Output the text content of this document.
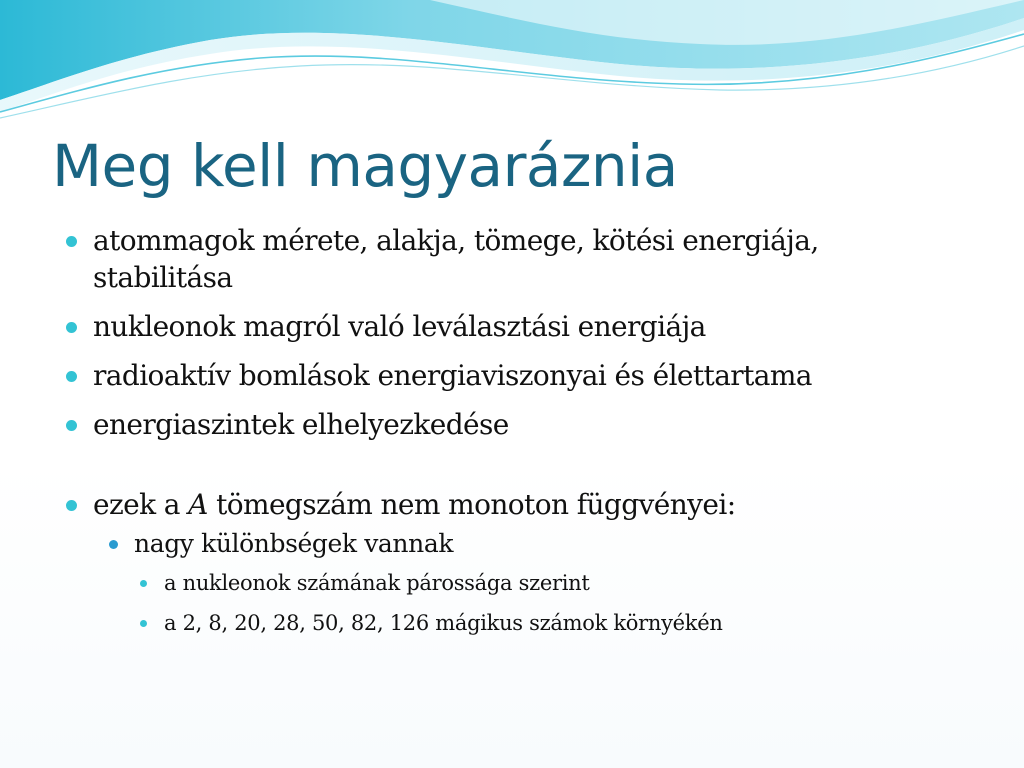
Meg kell magyaráznia
atommagok mérete, alakja, tömege, kötési energiája, stabilitása
nukleonok magról való leválasztási energiája
radioaktív bomlások energiaviszonyai és élettartama
energiaszintek elhelyezkedése
ezek a A tömegszám nem monoton függvényei:
nagy különbségek vannak
a nukleonok számának párossága szerint
a 2, 8, 20, 28, 50, 82, 126 mágikus számok környékén
